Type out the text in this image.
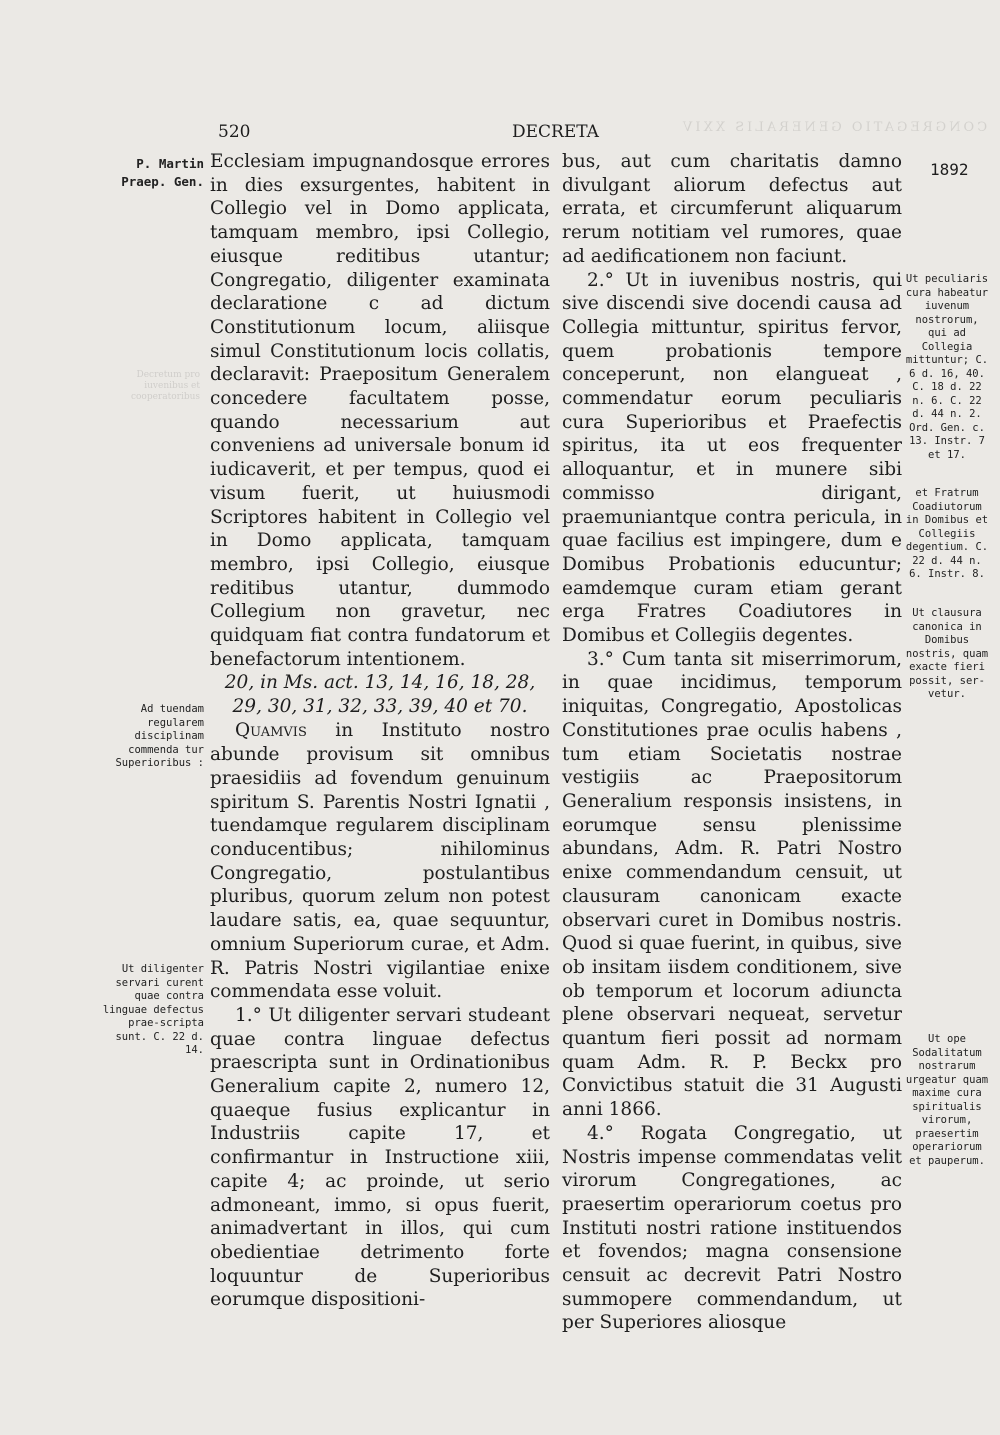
CONGREGATIO GENERALIS XXIV
520	DECRETA
P. Martin
Praep. Gen.
Decretum pro iuvenibus et cooperatoribus
Ad tuendam regularem disciplinam commenda tur Superioribus :
Ut diligenter servari curent quae contra linguae defectus prae-scripta sunt. C. 22 d. 14.
1892
Ut peculiaris cura habeatur iuvenum nostrorum, qui ad Collegia mittuntur; C. 6 d. 16, 40. C. 18 d. 22 n. 6. C. 22 d. 44 n. 2. Ord. Gen. c. 13. Instr. 7 et 17.
et Fratrum Coadiutorum in Domibus et Collegiis degentium. C. 22 d. 44 n. 6. Instr. 8.
Ut clausura canonica in Domibus nostris, quam exacte fieri possit, ser-vetur.
Ut ope Sodalitatum nostrarum urgeatur quam maxime cura spiritualis virorum, praesertim operariorum et pauperum.

Ecclesiam impugnandosque errores in dies exsurgentes, habitent in Collegio vel in Domo applicata, tamquam membro, ipsi Collegio, eiusque reditibus utantur; Congregatio, diligenter examinata declaratione c ad dictum Constitutionum locum, aliisque simul Constitutionum locis collatis, declaravit: Praepositum Generalem concedere facultatem posse, quando necessarium aut conveniens ad universale bonum id iudicaverit, et per tempus, quod ei visum fuerit, ut huiusmodi Scriptores habitent in Collegio vel in Domo applicata, tamquam membro, ipsi Collegio, eiusque reditibus utantur, dummodo Collegium non gravetur, nec quidquam fiat contra fundatorum et benefactorum intentionem.

20, in Ms. act. 13, 14, 16, 18, 28, 29, 30, 31, 32, 33, 39, 40 et 70.

Quamvis in Instituto nostro abunde provisum sit omnibus praesidiis ad fovendum genuinum spiritum S. Parentis Nostri Ignatii , tuendamque regularem disciplinam conducentibus; nihilominus Congregatio, postulantibus pluribus, quorum zelum non potest laudare satis, ea, quae sequuntur, omnium Superiorum curae, et Adm. R. Patris Nostri vigilantiae enixe commendata esse voluit.

1.° Ut diligenter servari studeant quae contra linguae defectus praescripta sunt in Ordinationibus Generalium capite 2, numero 12, quaeque fusius explicantur in Industriis capite 17, et confirmantur in Instructione xiii, capite 4; ac proinde, ut serio admoneant, immo, si opus fuerit, animadvertant in illos, qui cum obedientiae detrimento forte loquuntur de Superioribus eorumque dispositioni-

bus, aut cum charitatis damno divulgant aliorum defectus aut errata, et circumferunt aliquarum rerum notitiam vel rumores, quae ad aedificationem non faciunt.

2.° Ut in iuvenibus nostris, qui sive discendi sive docendi causa ad Collegia mittuntur, spiritus fervor, quem probationis tempore conceperunt, non elangueat , commendatur eorum peculiaris cura Superioribus et Praefectis spiritus, ita ut eos frequenter alloquantur, et in munere sibi commisso dirigant, praemuniantque contra pericula, in quae facilius est impingere, dum e Domibus Probationis educuntur; eamdemque curam etiam gerant erga Fratres Coadiutores in Domibus et Collegiis degentes.

3.° Cum tanta sit miserrimorum, in quae incidimus, temporum iniquitas, Congregatio, Apostolicas Constitutiones prae oculis habens , tum etiam Societatis nostrae vestigiis ac Praepositorum Generalium responsis insistens, in eorumque sensu plenissime abundans, Adm. R. Patri Nostro enixe commendandum censuit, ut clausuram canonicam exacte observari curet in Domibus nostris. Quod si quae fuerint, in quibus, sive ob insitam iisdem conditionem, sive ob temporum et locorum adiuncta plene observari nequeat, servetur quantum fieri possit ad normam quam Adm. R. P. Beckx pro Convictibus statuit die 31 Augusti anni 1866.

4.° Rogata Congregatio, ut Nostris impense commendatas velit virorum Congregationes, ac praesertim operariorum coetus pro Instituti nostri ratione instituendos et fovendos; magna consensione censuit ac decrevit Patri Nostro summopere commendandum, ut per Superiores aliosque
